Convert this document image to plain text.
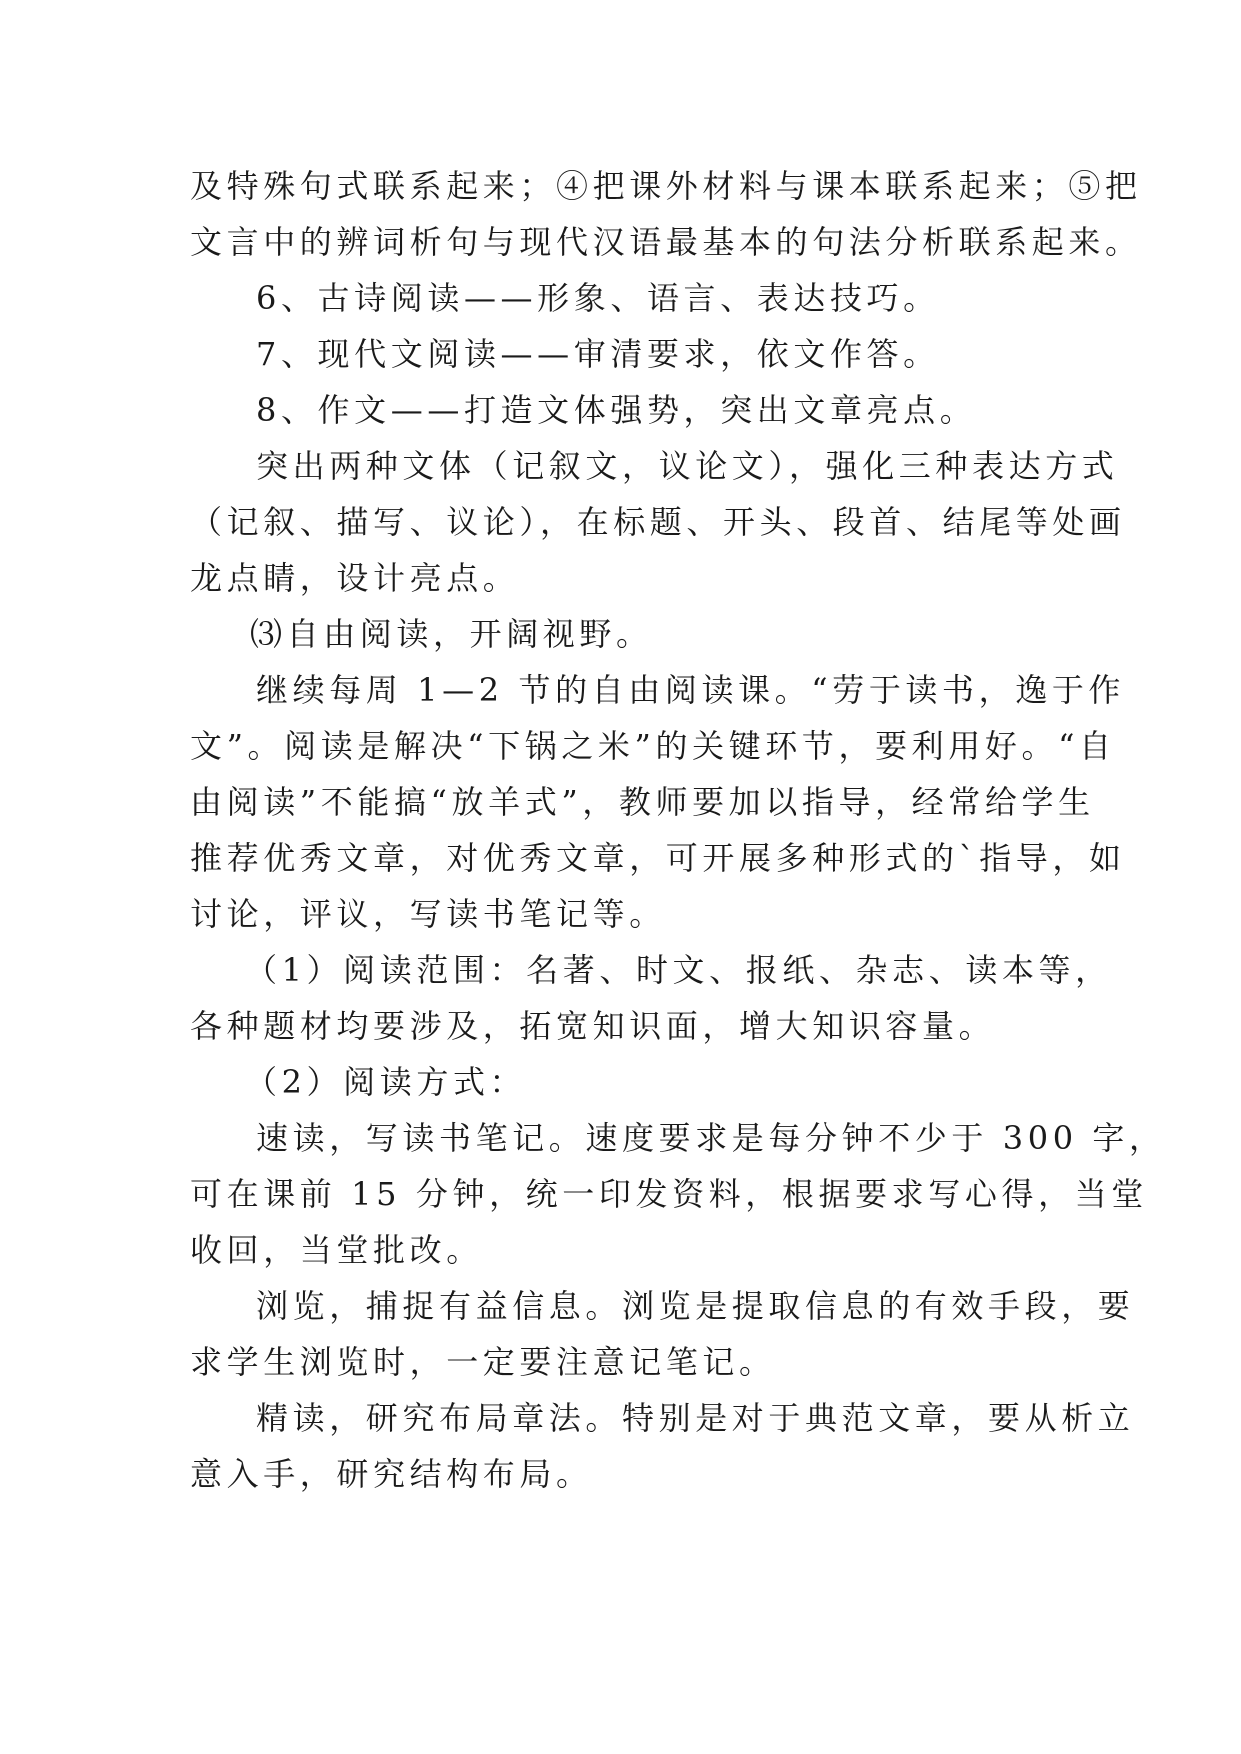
及特殊句式联系起来；④把课外材料与课本联系起来；⑤把
文言中的辨词析句与现代汉语最基本的句法分析联系起来。
6、古诗阅读——形象、语言、表达技巧。
7、现代文阅读——审清要求，依文作答。
8、作文——打造文体强势，突出文章亮点。
突出两种文体（记叙文，议论文），强化三种表达方式
（记叙、描写、议论），在标题、开头、段首、结尾等处画
龙点睛，设计亮点。
⑶自由阅读，开阔视野。
继续每周 1—2 节的自由阅读课。“劳于读书，逸于作
文”。阅读是解决“下锅之米”的关键环节，要利用好。“自
由阅读”不能搞“放羊式”，教师要加以指导，经常给学生
推荐优秀文章，对优秀文章，可开展多种形式的`指导，如
讨论，评议，写读书笔记等。
（1）阅读范围：名著、时文、报纸、杂志、读本等，
各种题材均要涉及，拓宽知识面，增大知识容量。
（2）阅读方式：
速读，写读书笔记。速度要求是每分钟不少于 300 字，
可在课前 15 分钟，统一印发资料，根据要求写心得，当堂
收回，当堂批改。
浏览，捕捉有益信息。浏览是提取信息的有效手段，要
求学生浏览时，一定要注意记笔记。
精读，研究布局章法。特别是对于典范文章，要从析立
意入手，研究结构布局。
